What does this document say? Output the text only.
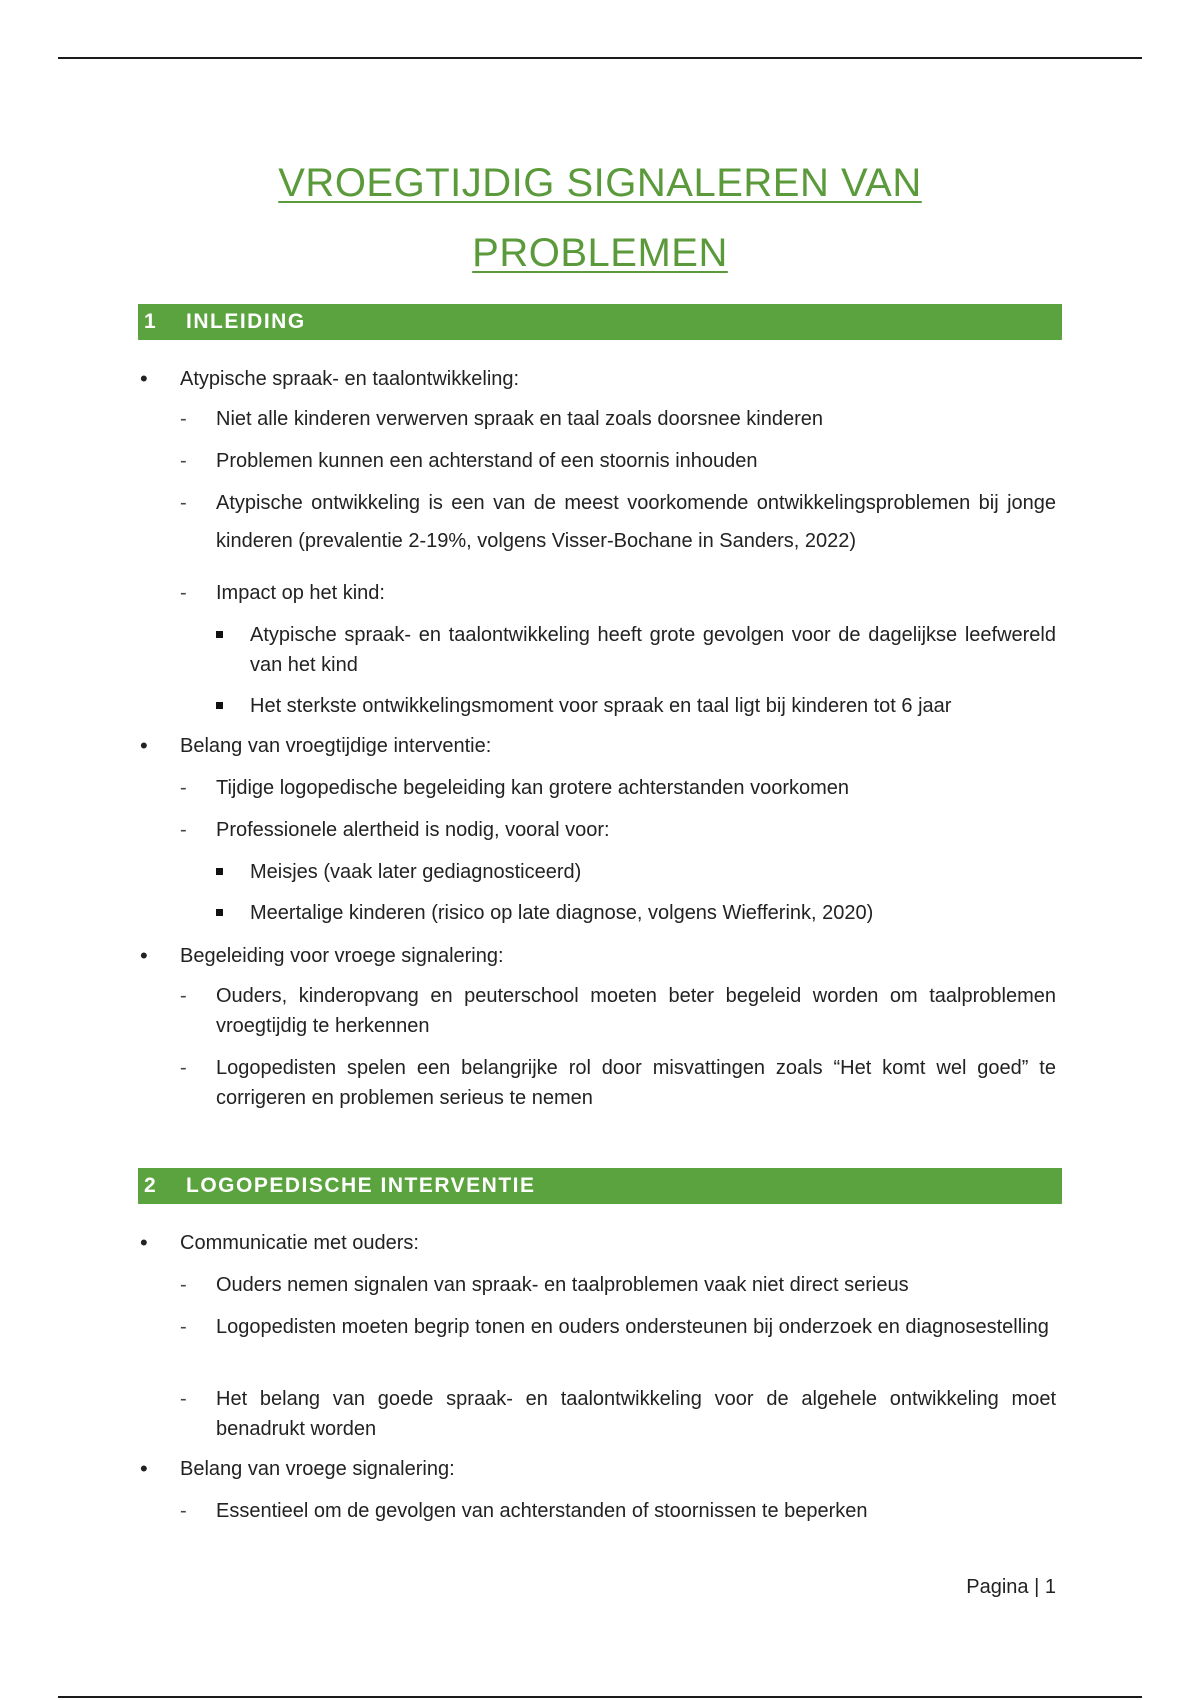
VROEGTIJDIG SIGNALEREN VAN
PROBLEMEN
1	INLEIDING
• Atypische spraak- en taalontwikkeling:
- Niet alle kinderen verwerven spraak en taal zoals doorsnee kinderen
- Problemen kunnen een achterstand of een stoornis inhouden
- Atypische ontwikkeling is een van de meest voorkomende ontwikkelingsproblemen bij jonge kinderen (prevalentie 2-19%, volgens Visser-Bochane in Sanders, 2022)
- Impact op het kind:
Atypische spraak- en taalontwikkeling heeft grote gevolgen voor de dagelijkse leefwereld van het kind
Het sterkste ontwikkelingsmoment voor spraak en taal ligt bij kinderen tot 6 jaar
• Belang van vroegtijdige interventie:
- Tijdige logopedische begeleiding kan grotere achterstanden voorkomen
- Professionele alertheid is nodig, vooral voor:
Meisjes (vaak later gediagnosticeerd)
Meertalige kinderen (risico op late diagnose, volgens Wiefferink, 2020)
• Begeleiding voor vroege signalering:
- Ouders, kinderopvang en peuterschool moeten beter begeleid worden om taalproblemen vroegtijdig te herkennen
- Logopedisten spelen een belangrijke rol door misvattingen zoals “Het komt wel goed” te corrigeren en problemen serieus te nemen
2	LOGOPEDISCHE INTERVENTIE
• Communicatie met ouders:
- Ouders nemen signalen van spraak- en taalproblemen vaak niet direct serieus
- Logopedisten moeten begrip tonen en ouders ondersteunen bij onderzoek en diagnosestelling
- Het belang van goede spraak- en taalontwikkeling voor de algehele ontwikkeling moet benadrukt worden
• Belang van vroege signalering:
- Essentieel om de gevolgen van achterstanden of stoornissen te beperken
Pagina | 1
